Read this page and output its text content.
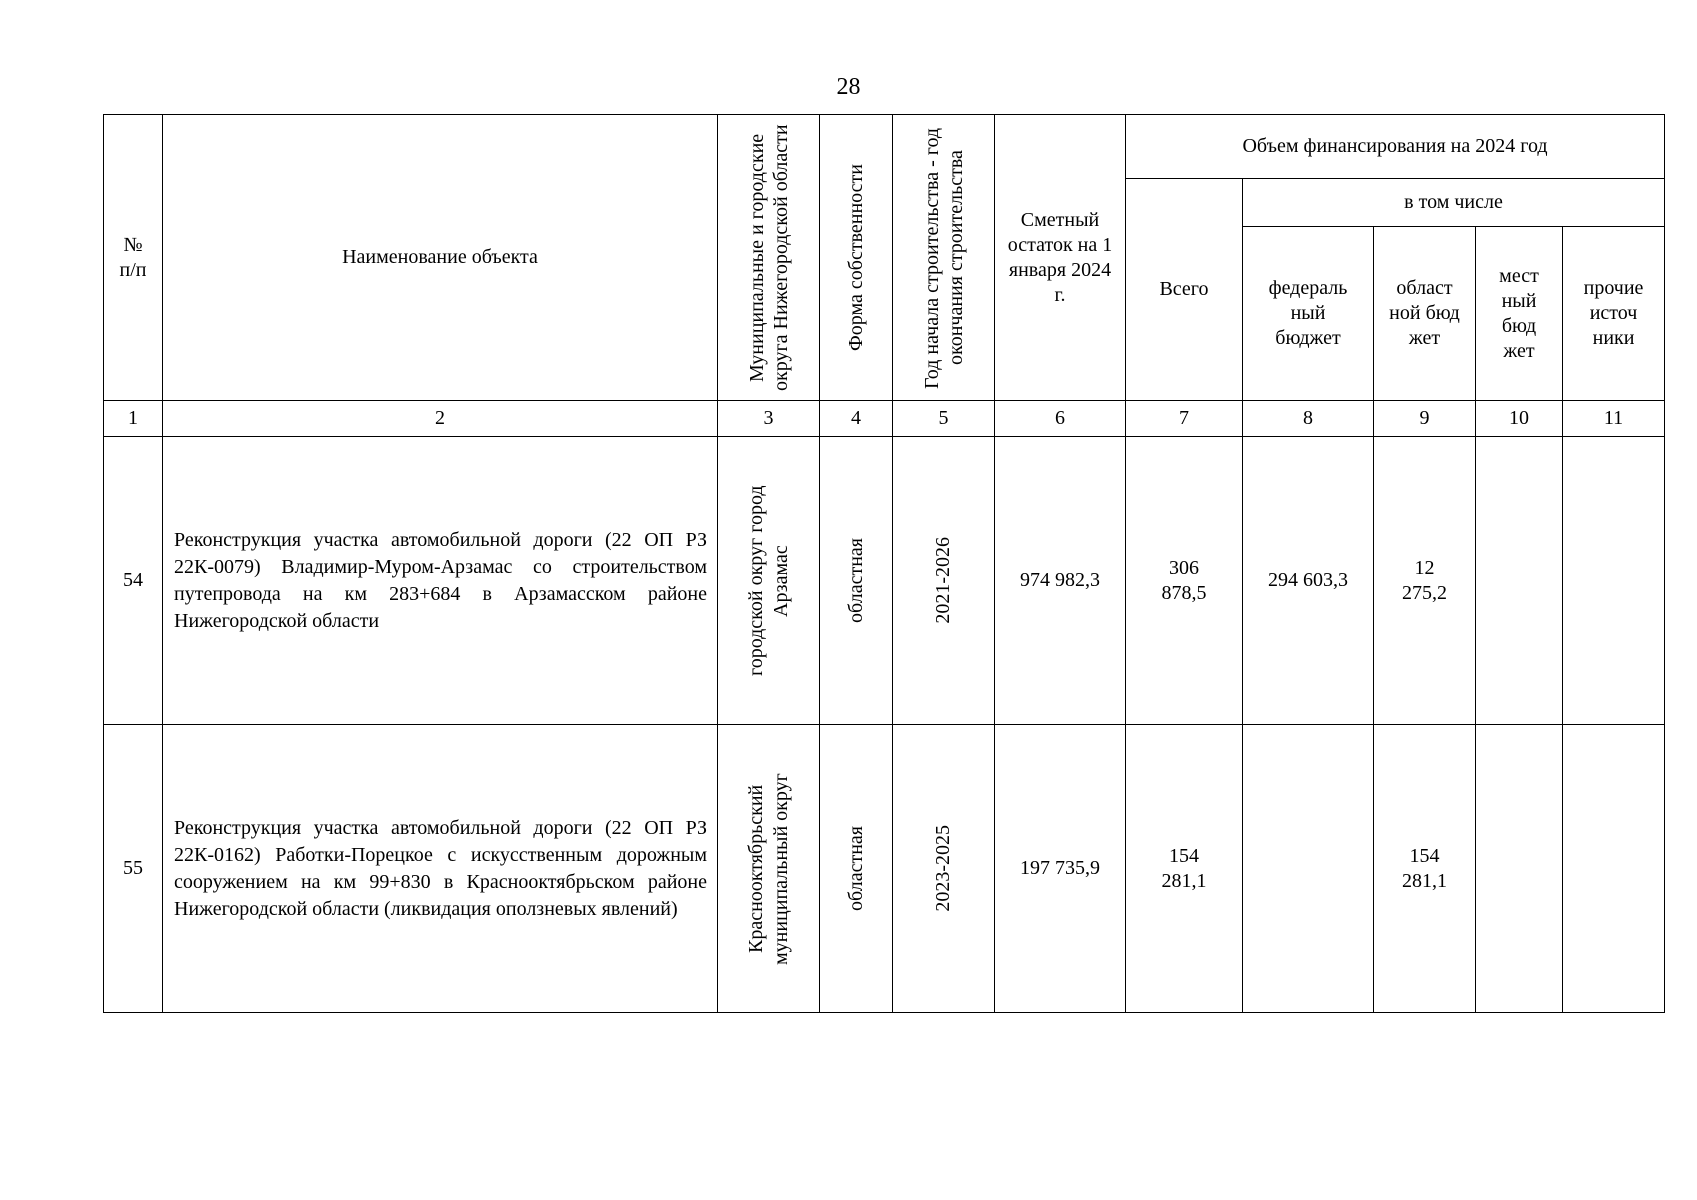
28
№ п/п	Наименование объекта	Муниципальные и городские округа Нижегородской области	Форма собственности	Год начала строительства - год окончания строительства	Сметный остаток на 1 января 2024 г.	Объем финансирования на 2024 год				
						Всего	в том числе			
							федераль ный бюджет	област ной бюд жет	мест ный бюд жет	прочие источ ники
1	2	3	4	5	6	7	8	9	10	11
54	Реконструкция участка автомобильной дороги (22 ОП РЗ 22К-0079) Владимир-Муром-Арзамас со строительством путепровода на км 283+684 в Арзамасском районе Нижегородской области	городской округ город Арзамас	областная	2021-2026	974 982,3	306 878,5	294 603,3	12 275,2		
55	Реконструкция участка автомобильной дороги (22 ОП РЗ 22К-0162) Работки-Порецкое с искусственным дорожным сооружением на км 99+830 в Краснооктябрьском районе Нижегородской области (ликвидация оползневых явлений)	Краснооктябрьский муниципальный округ	областная	2023-2025	197 735,9	154 281,1		154 281,1		
